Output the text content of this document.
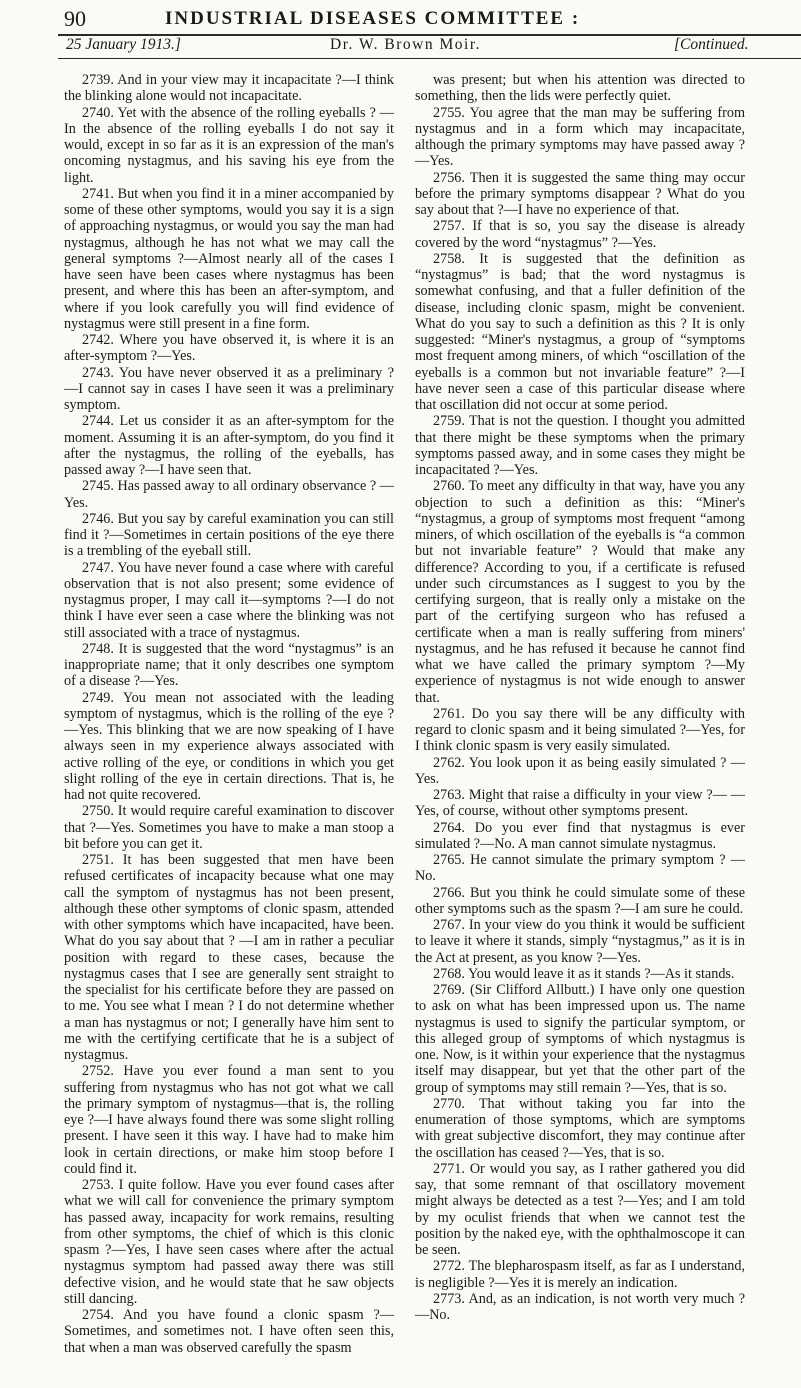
90	INDUSTRIAL DISEASES COMMITTEE :
25 January 1913.]	Dr. W. Brown Moir.	[Continued.

2739. And in your view may it incapacitate ?—I think the blinking alone would not incapacitate.

2740. Yet with the absence of the rolling eyeballs ? —In the absence of the rolling eyeballs I do not say it would, except in so far as it is an expression of the man's oncoming nystagmus, and his saving his eye from the light.

2741. But when you find it in a miner accompanied by some of these other symptoms, would you say it is a sign of approaching nystagmus, or would you say the man had nystagmus, although he has not what we may call the general symptoms ?—Almost nearly all of the cases I have seen have been cases where nystagmus has been present, and where this has been an after-symptom, and where if you look carefully you will find evidence of nystagmus were still present in a fine form.

2742. Where you have observed it, is where it is an after-symptom ?—Yes.

2743. You have never observed it as a preliminary ? —I cannot say in cases I have seen it was a preliminary symptom.

2744. Let us consider it as an after-symptom for the moment. Assuming it is an after-symptom, do you find it after the nystagmus, the rolling of the eyeballs, has passed away ?—I have seen that.

2745. Has passed away to all ordinary observance ? —Yes.

2746. But you say by careful examination you can still find it ?—Sometimes in certain positions of the eye there is a trembling of the eyeball still.

2747. You have never found a case where with careful observation that is not also present; some evidence of nystagmus proper, I may call it—symptoms ?—I do not think I have ever seen a case where the blinking was not still associated with a trace of nystagmus.

2748. It is suggested that the word “nystagmus” is an inappropriate name; that it only describes one symptom of a disease ?—Yes.

2749. You mean not associated with the leading symptom of nystagmus, which is the rolling of the eye ?—Yes. This blinking that we are now speaking of I have always seen in my experience always associated with active rolling of the eye, or conditions in which you get slight rolling of the eye in certain directions. That is, he had not quite recovered.

2750. It would require careful examination to discover that ?—Yes. Sometimes you have to make a man stoop a bit before you can get it.

2751. It has been suggested that men have been refused certificates of incapacity because what one may call the symptom of nystagmus has not been present, although these other symptoms of clonic spasm, attended with other symptoms which have incapacited, have been. What do you say about that ? —I am in rather a peculiar position with regard to these cases, because the nystagmus cases that I see are generally sent straight to the specialist for his certificate before they are passed on to me. You see what I mean ? I do not determine whether a man has nystagmus or not; I generally have him sent to me with the certifying certificate that he is a subject of nystagmus.

2752. Have you ever found a man sent to you suffering from nystagmus who has not got what we call the primary symptom of nystagmus—that is, the rolling eye ?—I have always found there was some slight rolling present. I have seen it this way. I have had to make him look in certain directions, or make him stoop before I could find it.

2753. I quite follow. Have you ever found cases after what we will call for convenience the primary symptom has passed away, incapacity for work remains, resulting from other symptoms, the chief of which is this clonic spasm ?—Yes, I have seen cases where after the actual nystagmus symptom had passed away there was still defective vision, and he would state that he saw objects still dancing.

2754. And you have found a clonic spasm ?—Sometimes, and sometimes not. I have often seen this, that when a man was observed carefully the spasm

was present; but when his attention was directed to something, then the lids were perfectly quiet.

2755. You agree that the man may be suffering from nystagmus and in a form which may incapacitate, although the primary symptoms may have passed away ?—Yes.

2756. Then it is suggested the same thing may occur before the primary symptoms disappear ? What do you say about that ?—I have no experience of that.

2757. If that is so, you say the disease is already covered by the word “nystagmus” ?—Yes.

2758. It is suggested that the definition as “nystagmus” is bad; that the word nystagmus is somewhat confusing, and that a fuller definition of the disease, including clonic spasm, might be convenient. What do you say to such a definition as this ? It is only suggested: “Miner's nystagmus, a group of “symptoms most frequent among miners, of which “oscillation of the eyeballs is a common but not invariable feature” ?—I have never seen a case of this particular disease where that oscillation did not occur at some period.

2759. That is not the question. I thought you admitted that there might be these symptoms when the primary symptoms passed away, and in some cases they might be incapacitated ?—Yes.

2760. To meet any difficulty in that way, have you any objection to such a definition as this: “Miner's “nystagmus, a group of symptoms most frequent “among miners, of which oscillation of the eyeballs is “a common but not invariable feature” ? Would that make any difference? According to you, if a certificate is refused under such circumstances as I suggest to you by the certifying surgeon, that is really only a mistake on the part of the certifying surgeon who has refused a certificate when a man is really suffering from miners' nystagmus, and he has refused it because he cannot find what we have called the primary symptom ?—My experience of nystagmus is not wide enough to answer that.

2761. Do you say there will be any difficulty with regard to clonic spasm and it being simulated ?—Yes, for I think clonic spasm is very easily simulated.

2762. You look upon it as being easily simulated ? —Yes.

2763. Might that raise a difficulty in your view ?— —Yes, of course, without other symptoms present.

2764. Do you ever find that nystagmus is ever simulated ?—No. A man cannot simulate nystagmus.

2765. He cannot simulate the primary symptom ? —No.

2766. But you think he could simulate some of these other symptoms such as the spasm ?—I am sure he could.

2767. In your view do you think it would be sufficient to leave it where it stands, simply “nystagmus,” as it is in the Act at present, as you know ?—Yes.

2768. You would leave it as it stands ?—As it stands.

2769. (Sir Clifford Allbutt.) I have only one question to ask on what has been impressed upon us. The name nystagmus is used to signify the particular symptom, or this alleged group of symptoms of which nystagmus is one. Now, is it within your experience that the nystagmus itself may disappear, but yet that the other part of the group of symptoms may still remain ?—Yes, that is so.

2770. That without taking you far into the enumeration of those symptoms, which are symptoms with great subjective discomfort, they may continue after the oscillation has ceased ?—Yes, that is so.

2771. Or would you say, as I rather gathered you did say, that some remnant of that oscillatory movement might always be detected as a test ?—Yes; and I am told by my oculist friends that when we cannot test the position by the naked eye, with the ophthalmoscope it can be seen.

2772. The blepharospasm itself, as far as I understand, is negligible ?—Yes it is merely an indication.

2773. And, as an indication, is not worth very much ?—No.
